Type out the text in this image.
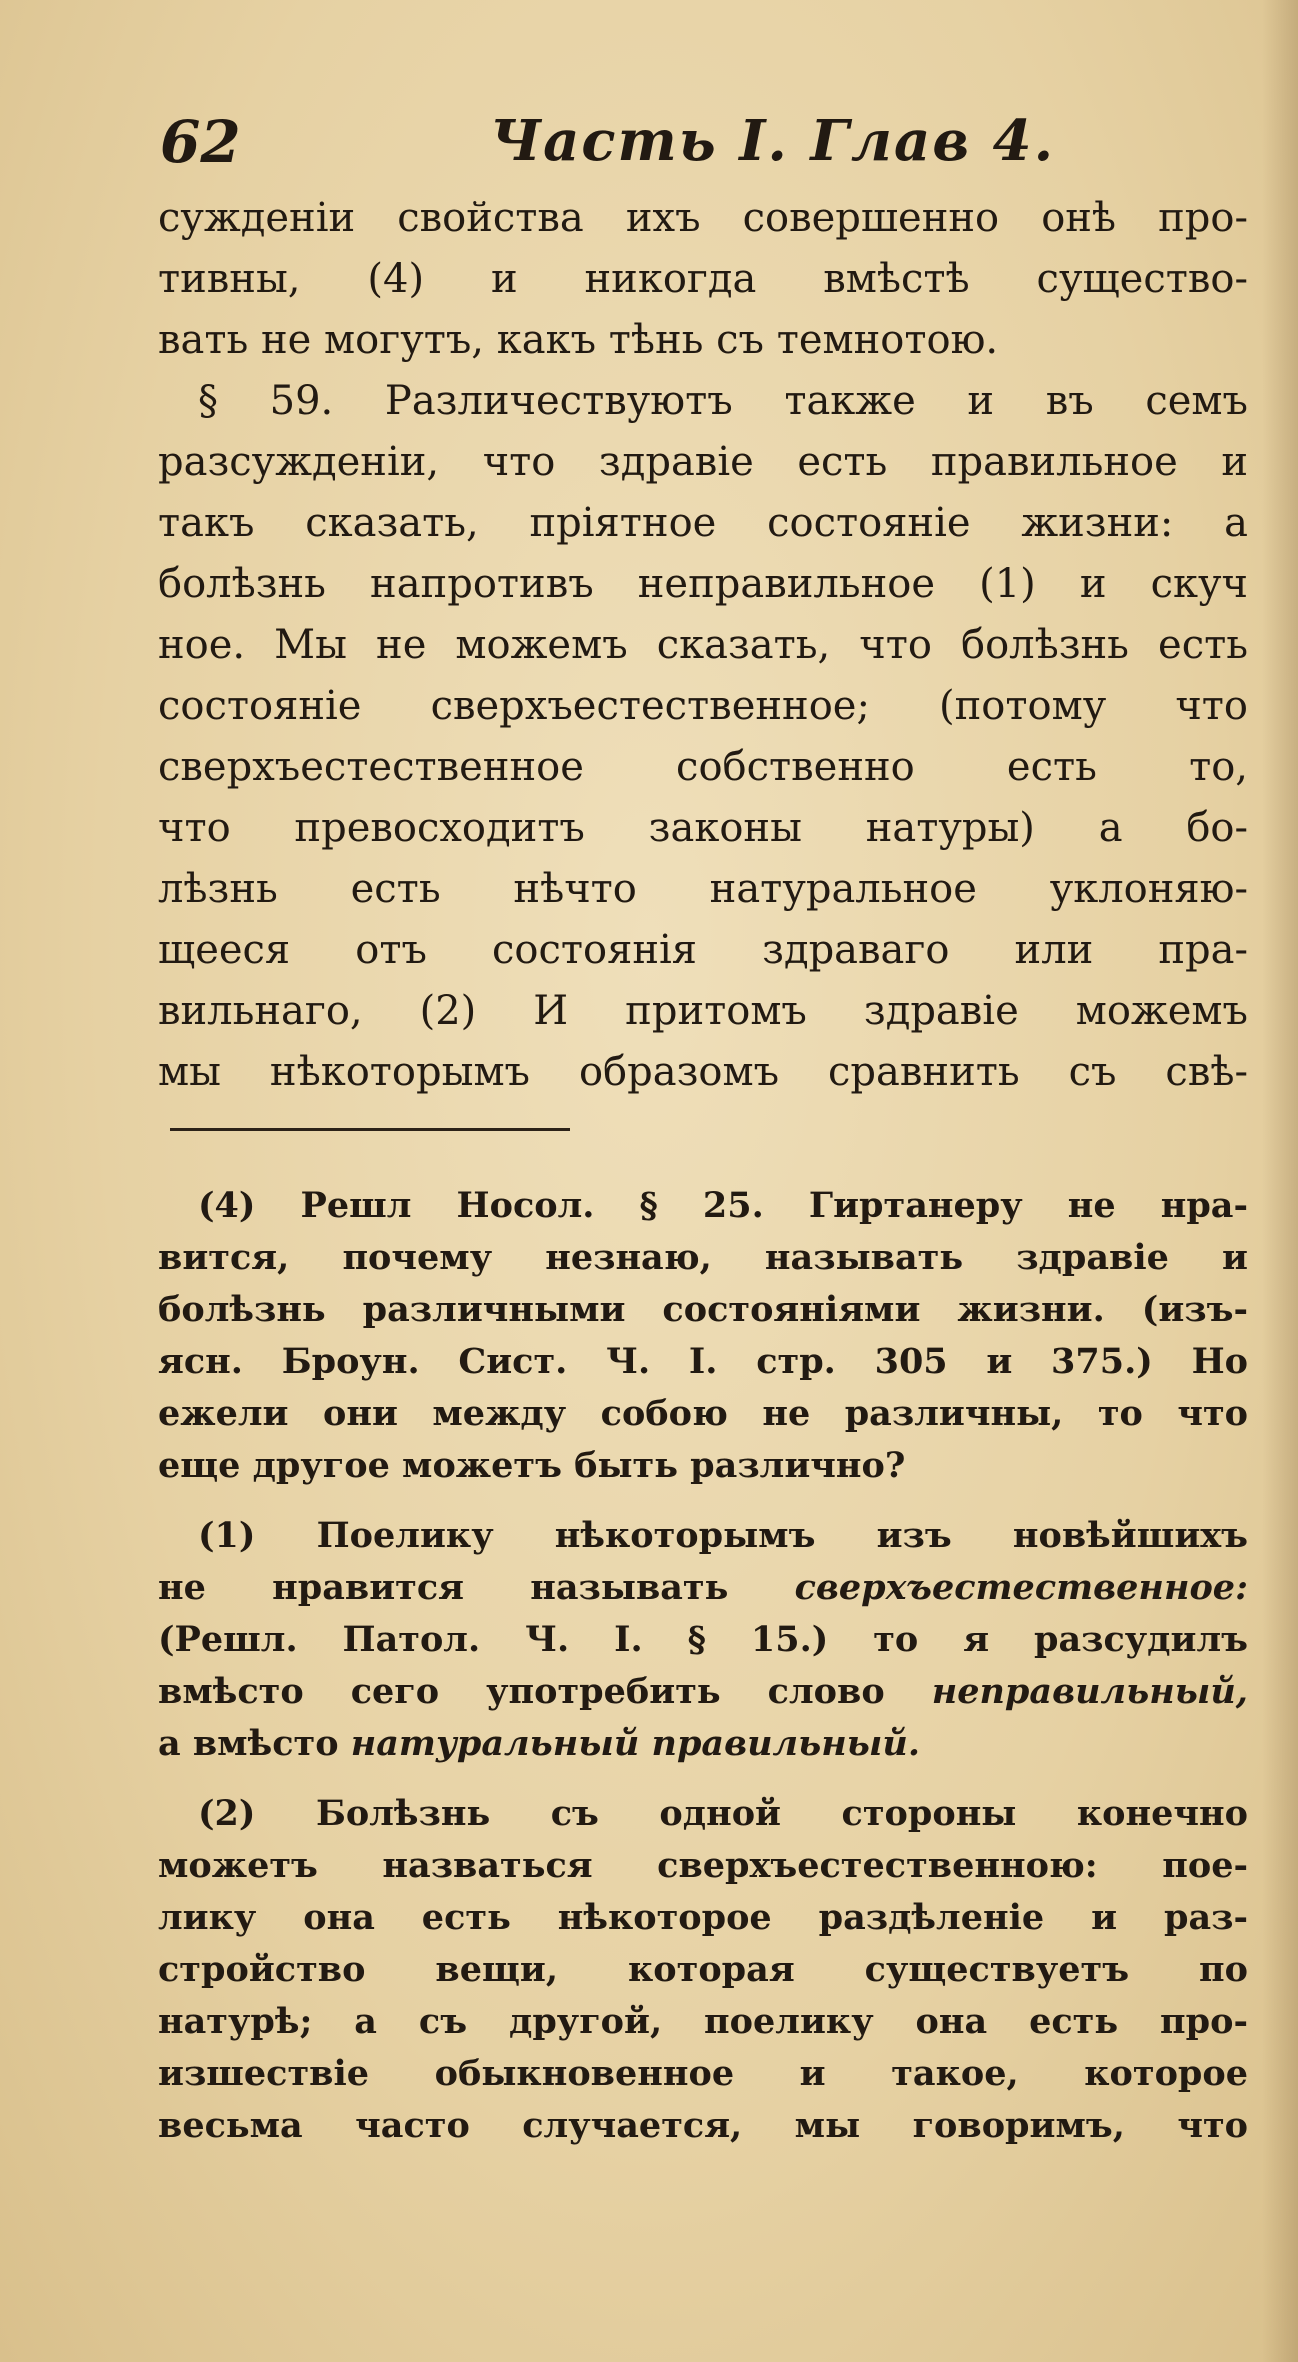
62	Часть I. Глав 4.
сужденіи свойства ихъ совершенно онѣ про-
тивны, (4) и никогда вмѣстѣ существо-
вать не могутъ, какъ тѣнь съ темнотою.
§ 59. Различествуютъ также и въ семъ
разсужденіи, что здравіе есть правильное и
такъ сказать, пріятное состояніе жизни: а
болѣзнь напротивъ неправильное (1) и скуч
ное. Мы не можемъ сказать, что болѣзнь есть
состояніе сверхъестественное; (потому что
сверхъестественное собственно есть то,
что превосходитъ законы натуры) а бо-
лѣзнь есть нѣчто натуральное уклоняю-
щееся отъ состоянія здраваго или пра-
вильнаго, (2) И притомъ здравіе можемъ
мы нѣкоторымъ образомъ сравнить съ свѣ-
(4) Решл Носол. § 25. Гиртанеру не нра-
вится, почему незнаю, называть здравіе и
болѣзнь различными состояніями жизни. (изъ-
ясн. Броун. Сист. Ч. I. стр. 305 и 375.) Но
ежели они между собою не различны, то что
еще другое можетъ быть различно?
(1) Поелику нѣкоторымъ изъ новѣйшихъ
не нравится называть сверхъестественное:
(Решл. Патол. Ч. I. § 15.) то я разсудилъ
вмѣсто сего употребить слово неправильный,
а вмѣсто натуральный правильный.
(2) Болѣзнь съ одной стороны конечно
можетъ назваться сверхъестественною: пое-
лику она есть нѣкоторое раздѣленіе и раз-
стройство вещи, которая существуетъ по
натурѣ; а съ другой, поелику она есть про-
изшествіе обыкновенное и такое, которое
весьма часто случается, мы говоримъ, что
